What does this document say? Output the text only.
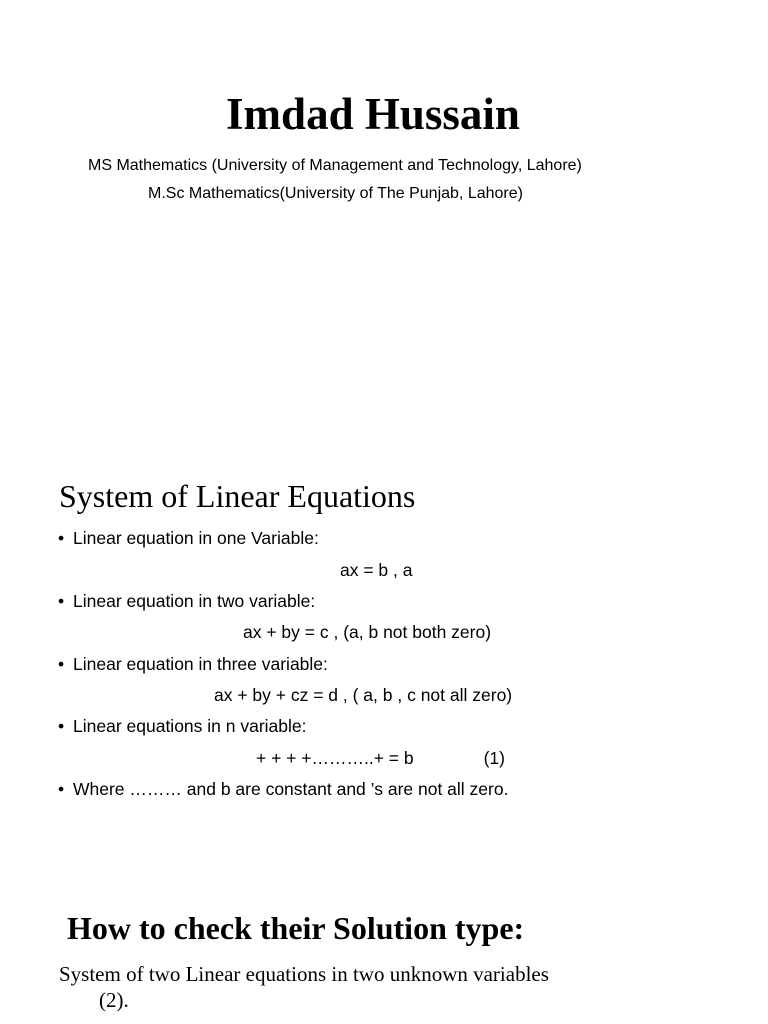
Imdad Hussain
MS Mathematics (University of Management and Technology, Lahore)
M.Sc Mathematics(University of The Punjab, Lahore)
System of Linear Equations
• Linear equation in one Variable:
ax = b , a
• Linear equation in two variable:
ax + by = c , (a, b not both zero)
• Linear equation in three variable:
ax + by + cz = d , ( a, b , c not all zero)
• Linear equations in n variable:
+ + + +………..+ = b	(1)
• Where ……… and b are constant and ’s are not all zero.
How to check their Solution type:
System of two Linear equations in two unknown variables
(2).
